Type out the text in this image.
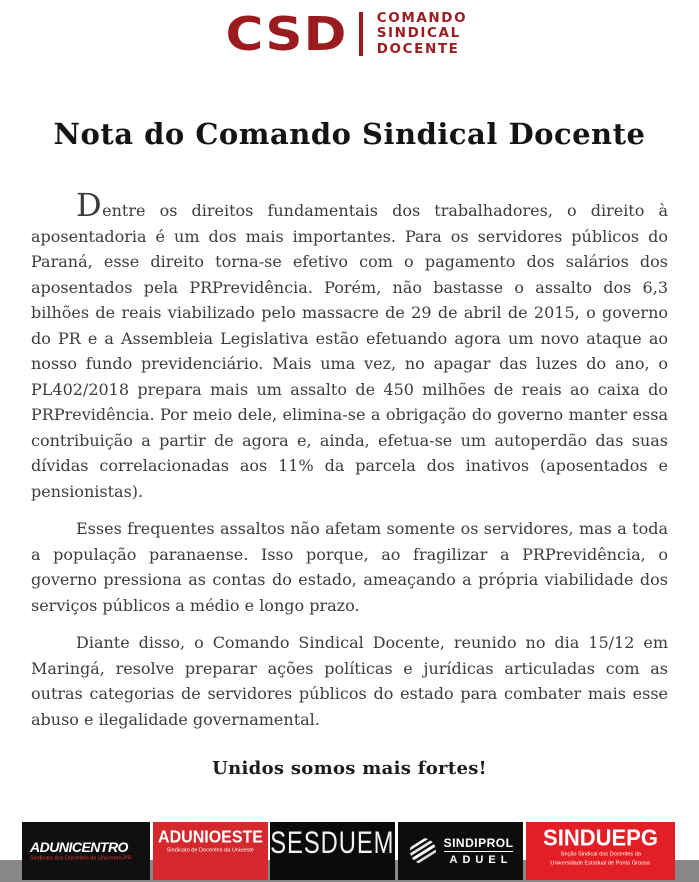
CSD COMANDO
SINDICAL
DOCENTE
Nota do Comando Sindical Docente

Dentre os direitos fundamentais dos trabalhadores, o direito à aposentadoria é um dos mais importantes. Para os servidores públicos do Paraná, esse direito torna-se efetivo com o pagamento dos salários dos aposentados pela PRPrevidência. Porém, não bastasse o assalto dos 6,3 bilhões de reais viabilizado pelo massacre de 29 de abril de 2015, o governo do PR e a Assembleia Legislativa estão efetuando agora um novo ataque ao nosso fundo previdenciário. Mais uma vez, no apagar das luzes do ano, o PL402/2018 prepara mais um assalto de 450 milhões de reais ao caixa do PRPrevidência. Por meio dele, elimina-se a obrigação do governo manter essa contribuição a partir de agora e, ainda, efetua-se um autoperdão das suas dívidas correlacionadas aos 11% da parcela dos inativos (aposentados e pensionistas).

Esses frequentes assaltos não afetam somente os servidores, mas a toda a população paranaense. Isso porque, ao fragilizar a PRPrevidência, o governo pressiona as contas do estado, ameaçando a própria viabilidade dos serviços públicos a médio e longo prazo.

Diante disso, o Comando Sindical Docente, reunido no dia 15/12 em Maringá, resolve preparar ações políticas e jurídicas articuladas com as outras categorias de servidores públicos do estado para combater mais esse abuso e ilegalidade governamental.

Unidos somos mais fortes!

ADUNICENTRO
Sindicato dos Docentes da Unicentro-PR
ADUNIOESTE
Sindicato de Docentes da Unioeste SESDUEM	SINDIPROL
ADUEL
SINDUEPG
Seção Sindical dos Docentes da
Universidade Estadual de Ponta Grossa
